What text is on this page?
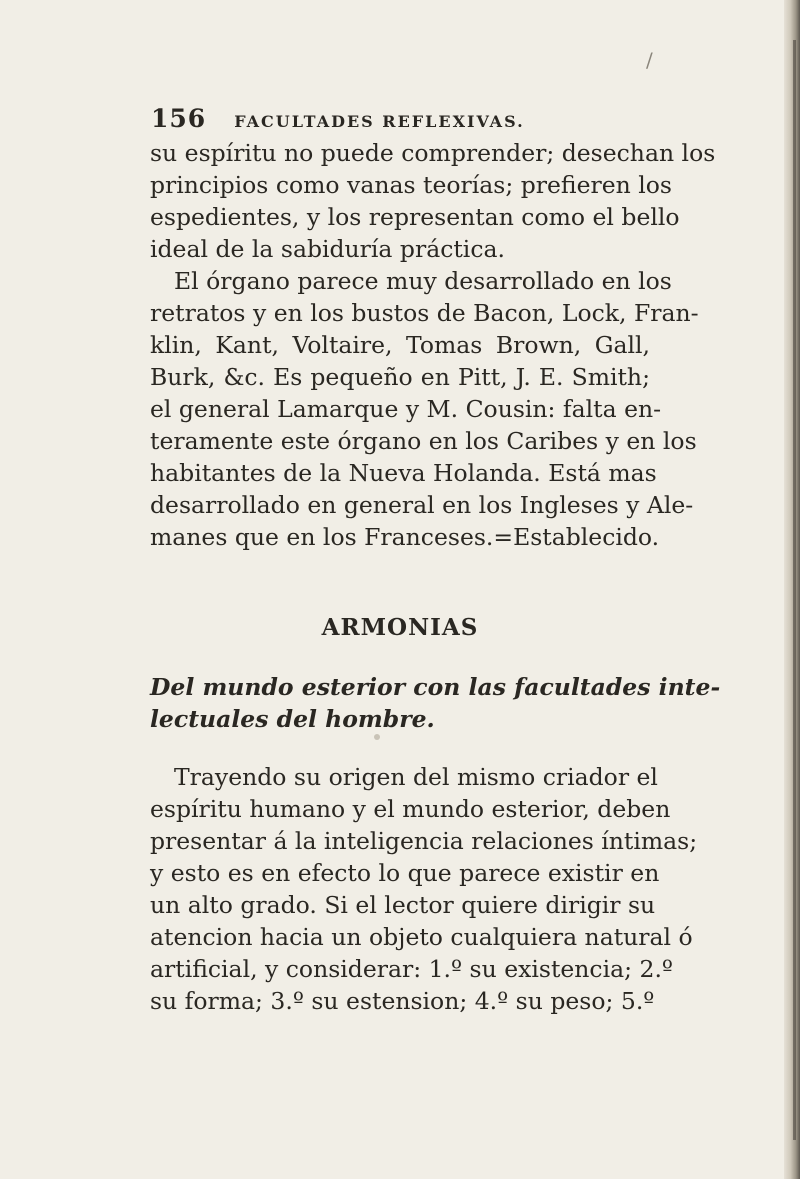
/
156 FACULTADES REFLEXIVAS.
su espíritu no puede comprender; desechan los
principios como vanas teorías; prefieren los
espedientes, y los representan como el bello
ideal de la sabiduría práctica.
El órgano parece muy desarrollado en los
retratos y en los bustos de Bacon, Lock, Fran-
klin, Kant, Voltaire, Tomas Brown, Gall,
Burk, &c. Es pequeño en Pitt, J. E. Smith;
el general Lamarque y M. Cousin: falta en-
teramente este órgano en los Caribes y en los
habitantes de la Nueva Holanda. Está mas
desarrollado en general en los Ingleses y Ale-
manes que en los Franceses.=Establecido.
ARMONIAS
Del mundo esterior con las facultades inte-
lectuales del hombre.
Trayendo su origen del mismo criador el
espíritu humano y el mundo esterior, deben
presentar á la inteligencia relaciones íntimas;
y esto es en efecto lo que parece existir en
un alto grado. Si el lector quiere dirigir su
atencion hacia un objeto cualquiera natural ó
artificial, y considerar: 1.º su existencia; 2.º
su forma; 3.º su estension; 4.º su peso; 5.º
